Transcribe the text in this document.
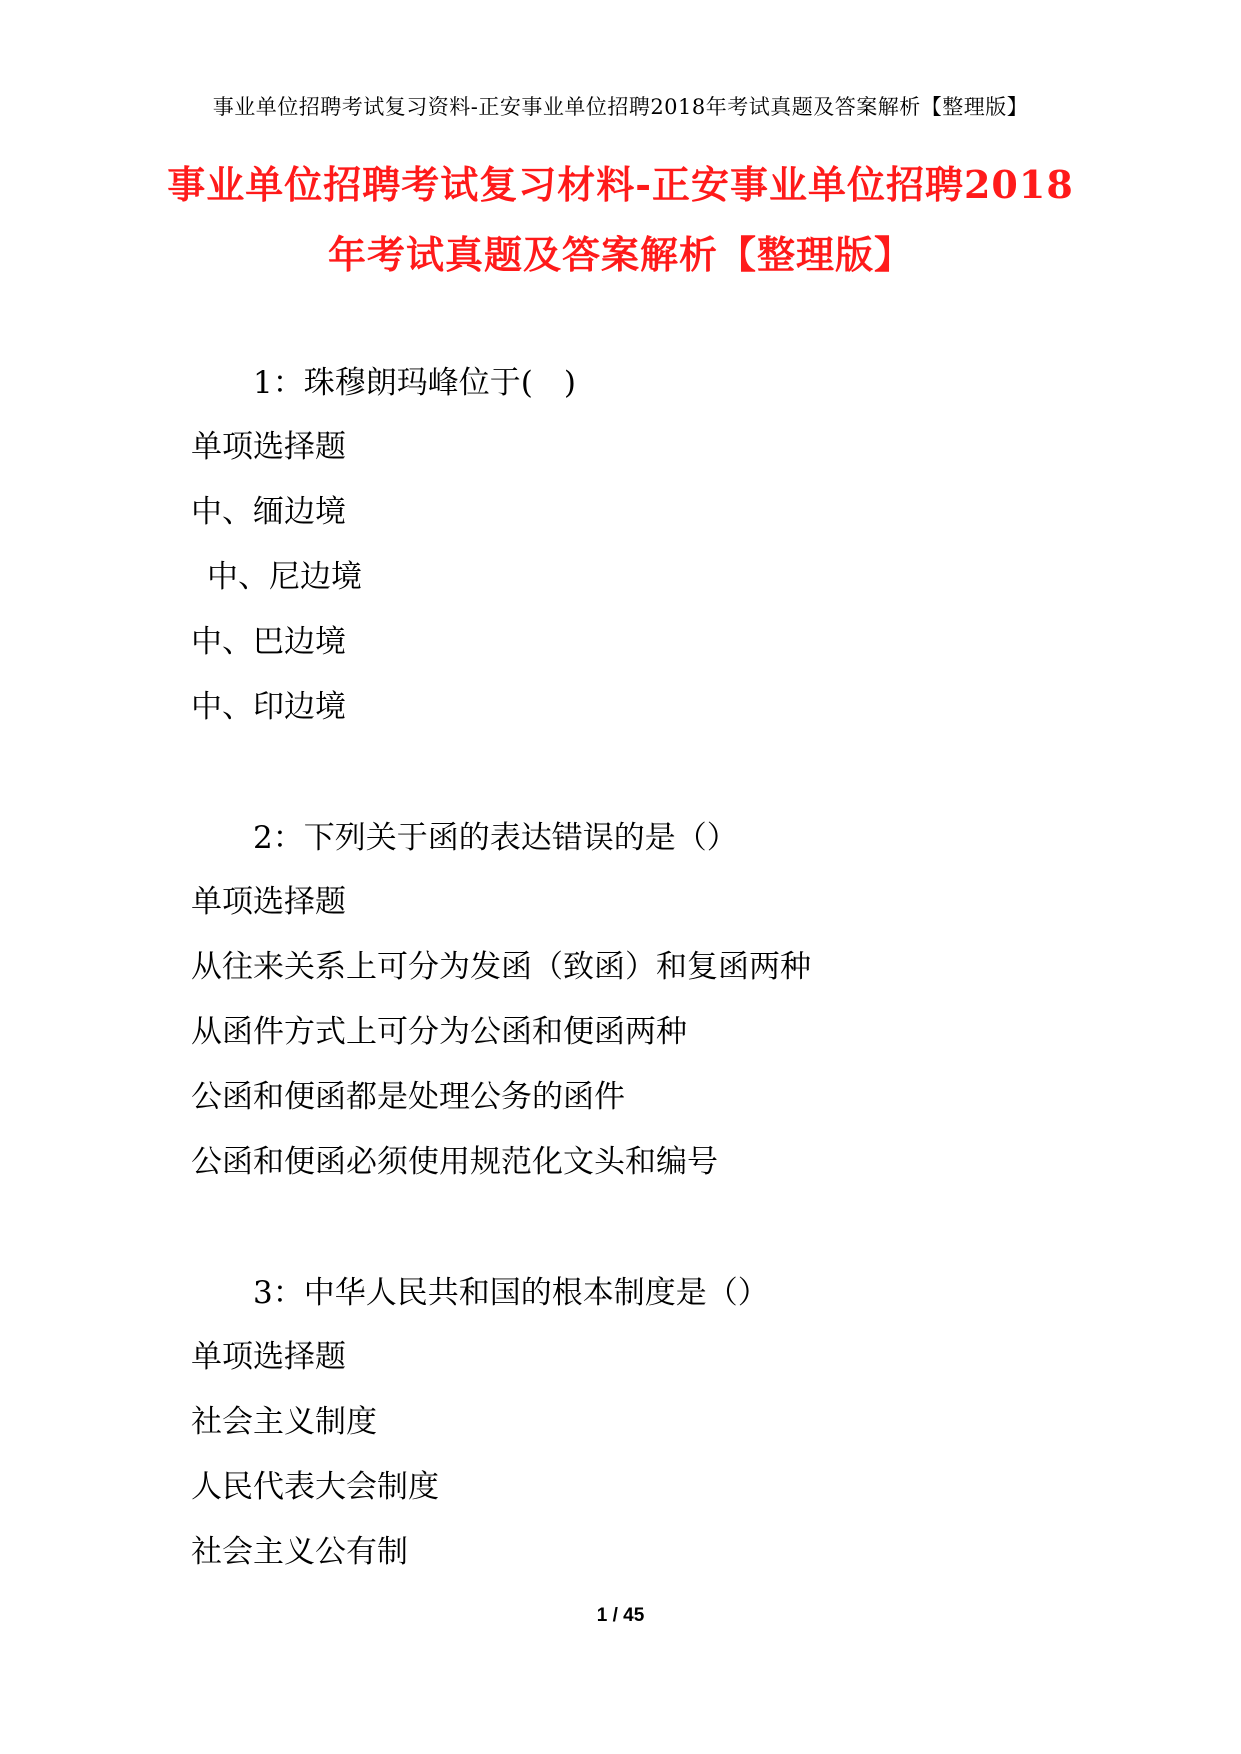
事业单位招聘考试复习资料-正安事业单位招聘2018年考试真题及答案解析【整理版】
事业单位招聘考试复习材料-正安事业单位招聘2018
年考试真题及答案解析【整理版】
1：珠穆朗玛峰位于(　)
单项选择题
中、缅边境
中、尼边境
中、巴边境
中、印边境
2：下列关于函的表达错误的是（）
单项选择题
从往来关系上可分为发函（致函）和复函两种
从函件方式上可分为公函和便函两种
公函和便函都是处理公务的函件
公函和便函必须使用规范化文头和编号
3：中华人民共和国的根本制度是（）
单项选择题
社会主义制度
人民代表大会制度
社会主义公有制
1 / 45
